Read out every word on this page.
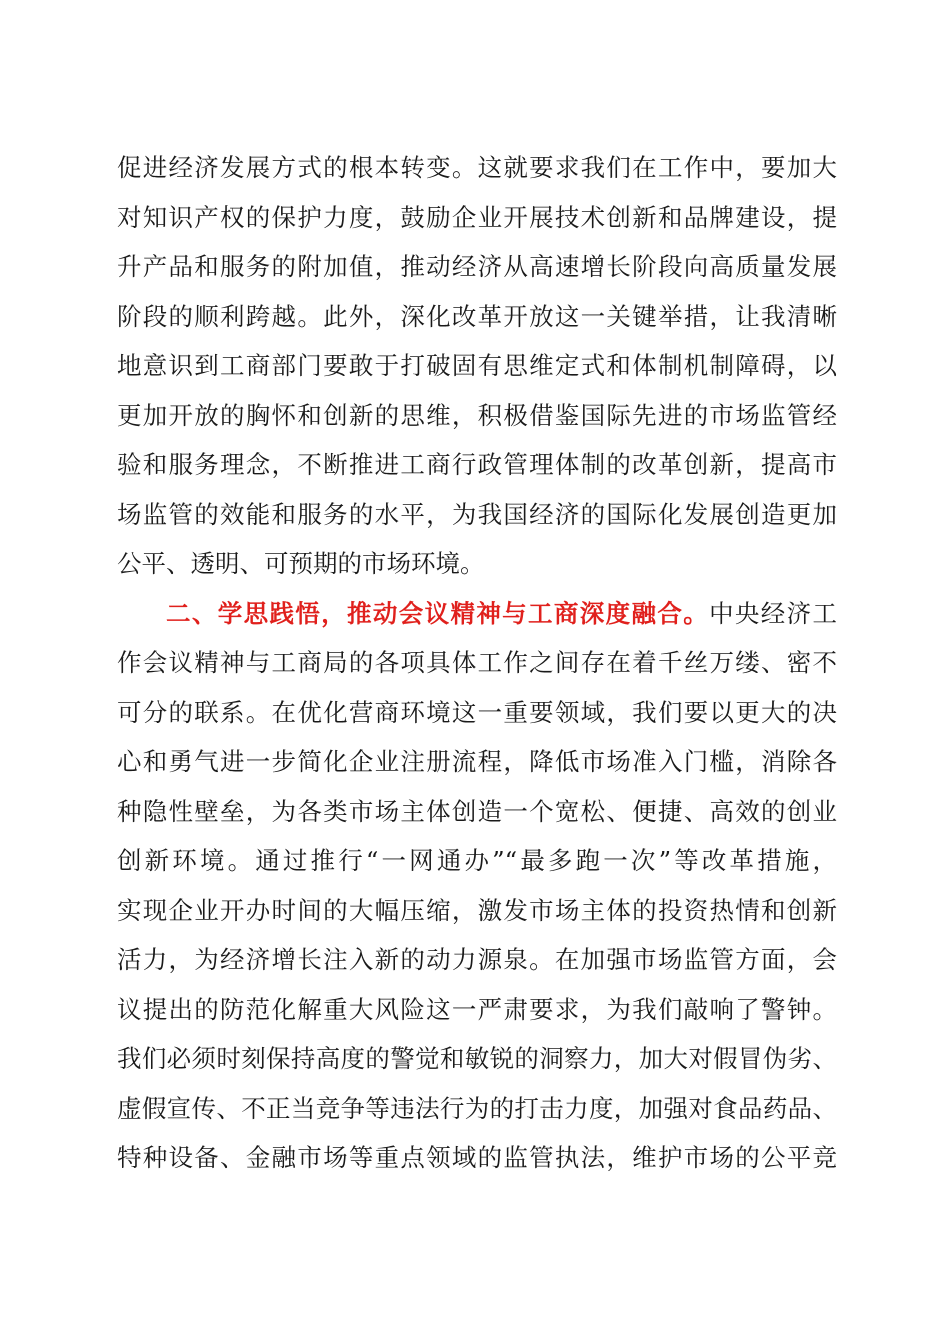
促进经济发展方式的根本转变。这就要求我们在工作中，要加大
对知识产权的保护力度，鼓励企业开展技术创新和品牌建设，提
升产品和服务的附加值，推动经济从高速增长阶段向高质量发展
阶段的顺利跨越。此外，深化改革开放这一关键举措，让我清晰
地意识到工商部门要敢于打破固有思维定式和体制机制障碍，以
更加开放的胸怀和创新的思维，积极借鉴国际先进的市场监管经
验和服务理念，不断推进工商行政管理体制的改革创新，提高市
场监管的效能和服务的水平，为我国经济的国际化发展创造更加
公平、透明、可预期的市场环境。
二、学思践悟，推动会议精神与工商深度融合。中央经济工
作会议精神与工商局的各项具体工作之间存在着千丝万缕、密不
可分的联系。在优化营商环境这一重要领域，我们要以更大的决
心和勇气进一步简化企业注册流程，降低市场准入门槛，消除各
种隐性壁垒，为各类市场主体创造一个宽松、便捷、高效的创业
创新环境。通过推行“一网通办”“最多跑一次”等改革措施，
实现企业开办时间的大幅压缩，激发市场主体的投资热情和创新
活力，为经济增长注入新的动力源泉。在加强市场监管方面，会
议提出的防范化解重大风险这一严肃要求，为我们敲响了警钟。
我们必须时刻保持高度的警觉和敏锐的洞察力，加大对假冒伪劣、
虚假宣传、不正当竞争等违法行为的打击力度，加强对食品药品、
特种设备、金融市场等重点领域的监管执法，维护市场的公平竞
